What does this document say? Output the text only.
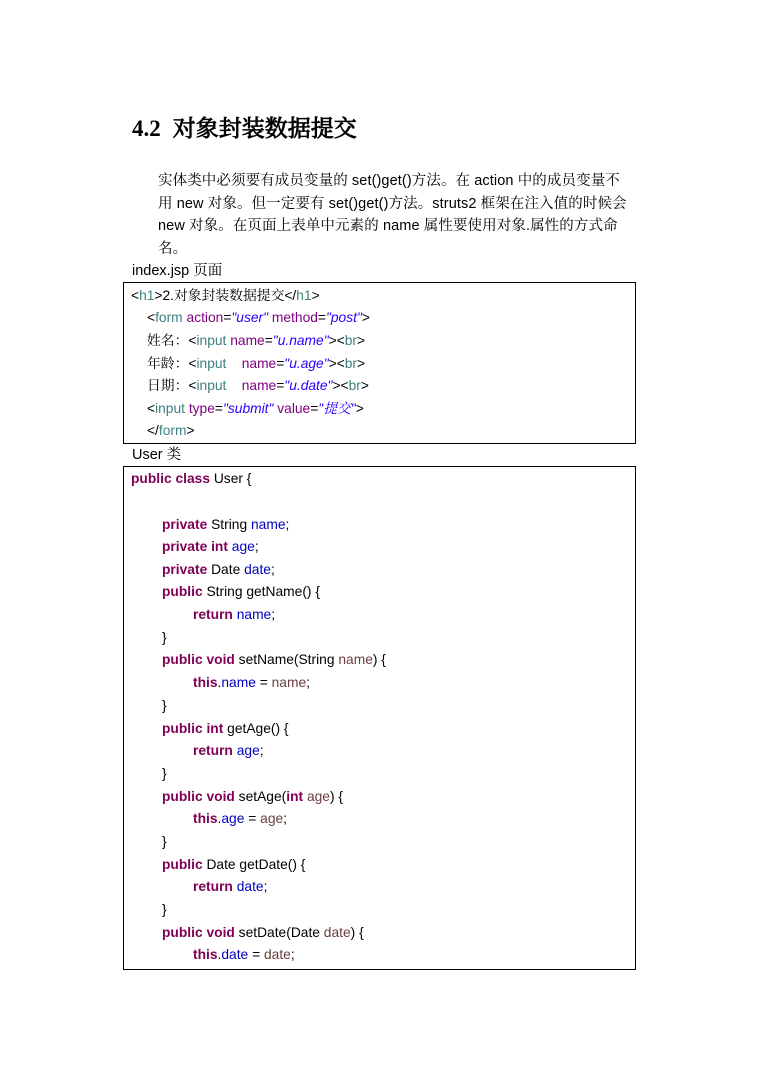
4.2 对象封装数据提交
实体类中必须要有成员变量的 set()get()方法。在 action 中的成员变量不
用 new 对象。但一定要有 set()get()方法。struts2 框架在注入值的时候会
new 对象。在页面上表单中元素的 name 属性要使用对象.属性的方式命
名。
index.jsp 页面
<h1>2.对象封装数据提交</h1>
<form action="user" method="post">
姓名：<input name="u.name"><br>
年龄：<input name="u.age"><br>
日期：<input name="u.date"><br>
<input type="submit" value="提交">
</form>
User 类
public class User {
private String name;
private int age;
private Date date;
public String getName() {
return name;
}
public void setName(String name) {
this.name = name;
}
public int getAge() {
return age;
}
public void setAge(int age) {
this.age = age;
}
public Date getDate() {
return date;
}
public void setDate(Date date) {
this.date = date;
